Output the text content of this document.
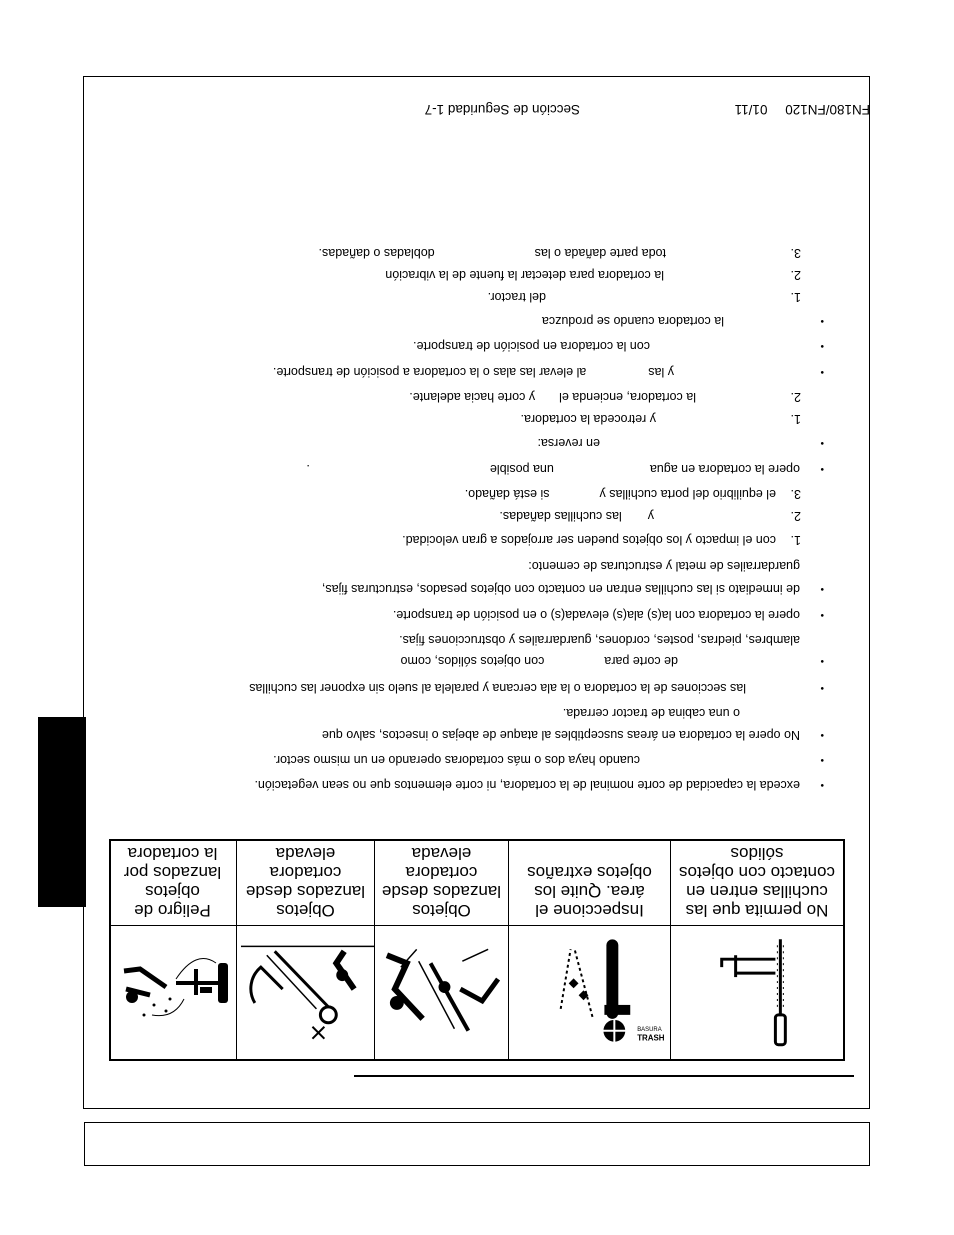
No permita que las cuchillas entren en contacto con objetos sólidos
TRASH
BASURA
Inspeccione el área. Quite los objetos extraños
Objetos lanzados desde cortadora elevada
Objetos lanzados desde cortadora elevada
Peligro de objetos lanzados por la cortadora
• exceda la capacidad de corte nominal de la cortadora, ni corte elementos que no sean vegetación.
• cuando haya dos o más cortadoras operando en un mismo sector.
• No opere la cortadora en áreas susceptibles al ataque de abejas o insectos, salvo que
o una cabina de tractor cerrada.
• las secciones de la cortadora o la ala cercana y paralela al suelo sin exponer las cuchillas
• de corte paracon objetos sólidos, como
alambres, piedras, postes, cordones, guardarrailes y obstrucciones fijas.
• opere la cortadora con la(s) ala(s) elevada(s) o en posición de transporte.
• de inmediato si las cuchillas entran en contacto con objetos pesados, estructuras fijas,
guardarrailes de metal y estructuras de cemento:
1.
con el impacto y los objetos pueden ser arrojados a gran velocidad.
2.
ylas cuchillas dañadas.
3.
el equilibrio del porta cuchillas ysi está dañado.
• opere la cortadora en aguauna posible.
• en reversa:
1.
y retroceda la cortadora.
2.
la cortadora, encienda ely corte hacia adelante.
• y lasal elevar las alas o la cortadora a posición de transporte.
• con la cortadora en posición de transporte.
• la cortadora cuando se produzca
1.
del tractor.
2.
la cortadora para detectar la fuente de la vibración
3.
toda parte dañada o lasdobladas o dañadas.
FN180/FN120 01/11
Sección de Seguridad 1-7
